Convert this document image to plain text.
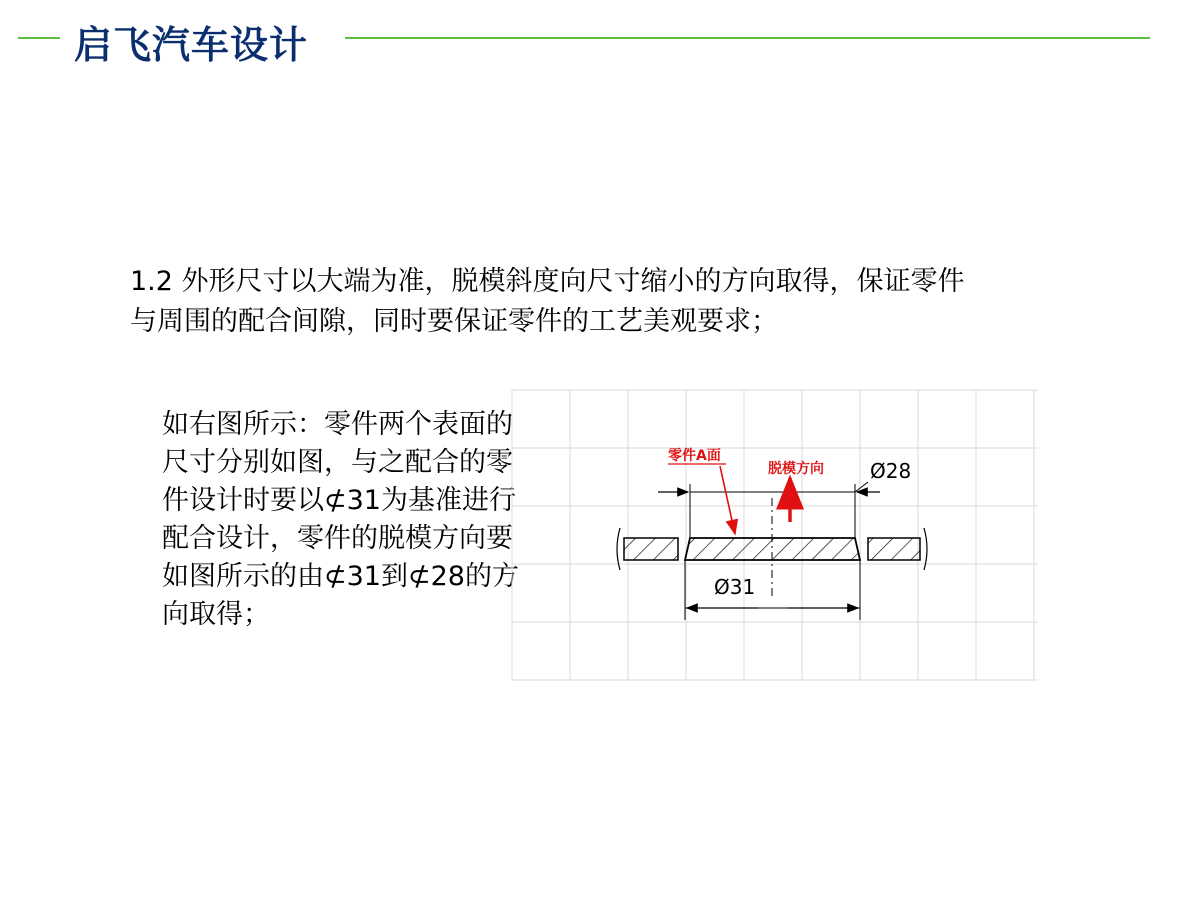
启飞汽车设计
1.2 外形尺寸以大端为准，脱模斜度向尺寸缩小的方向取得，保证零件
与周围的配合间隙，同时要保证零件的工艺美观要求；
如右图所示：零件两个表面的
尺寸分别如图，与之配合的零
件设计时要以⊄31为基准进行
配合设计，零件的脱模方向要
如图所示的由⊄31到⊄28的方
向取得；
Ø28
Ø31
零件A面
脱模方向
